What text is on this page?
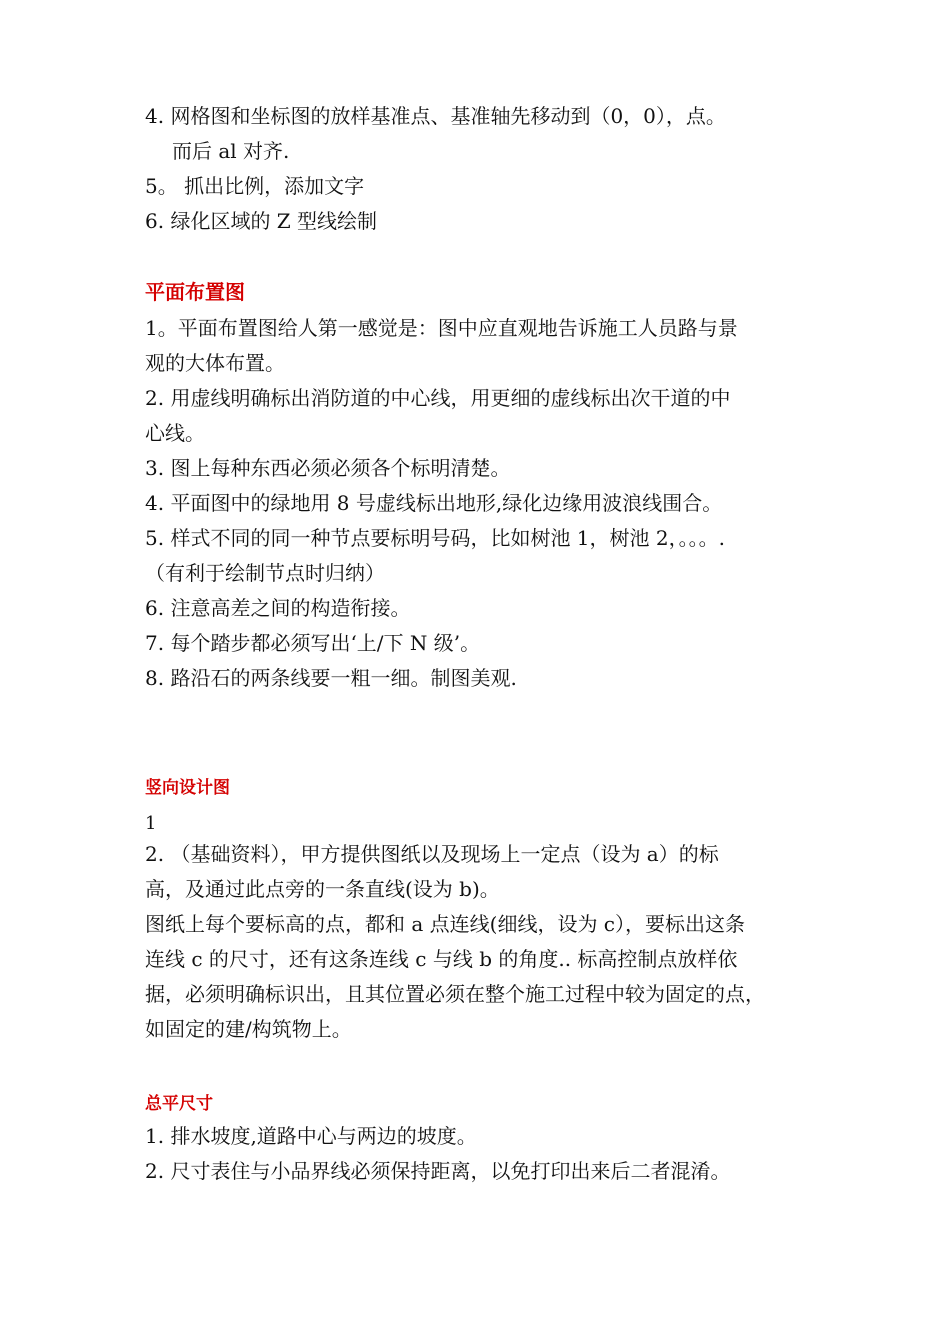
4. 网格图和坐标图的放样基准点、基准轴先移动到（0，0），点。
而后 al 对齐.
5。 抓出比例，添加文字
6. 绿化区域的 Z 型线绘制
平面布置图
1。平面布置图给人第一感觉是：图中应直观地告诉施工人员路与景
观的大体布置。
2. 用虚线明确标出消防道的中心线，用更细的虚线标出次干道的中
心线。
3. 图上每种东西必须必须各个标明清楚。
4. 平面图中的绿地用 8 号虚线标出地形,绿化边缘用波浪线围合。
5. 样式不同的同一种节点要标明号码，比如树池 1，树池 2，。。。.
（有利于绘制节点时归纳）
6. 注意高差之间的构造衔接。
7. 每个踏步都必须写出‘上/下 N 级’。
8. 路沿石的两条线要一粗一细。制图美观.
竖向设计图
1
2. （基础资料），甲方提供图纸以及现场上一定点（设为 a）的标
高，及通过此点旁的一条直线(设为 b)。
图纸上每个要标高的点，都和 a 点连线(细线，设为 c），要标出这条
连线 c 的尺寸，还有这条连线 c 与线 b 的角度.. 标高控制点放样依
据，必须明确标识出，且其位置必须在整个施工过程中较为固定的点，
如固定的建/构筑物上。
总平尺寸
1. 排水坡度,道路中心与两边的坡度。
2. 尺寸表住与小品界线必须保持距离，以免打印出来后二者混淆。
